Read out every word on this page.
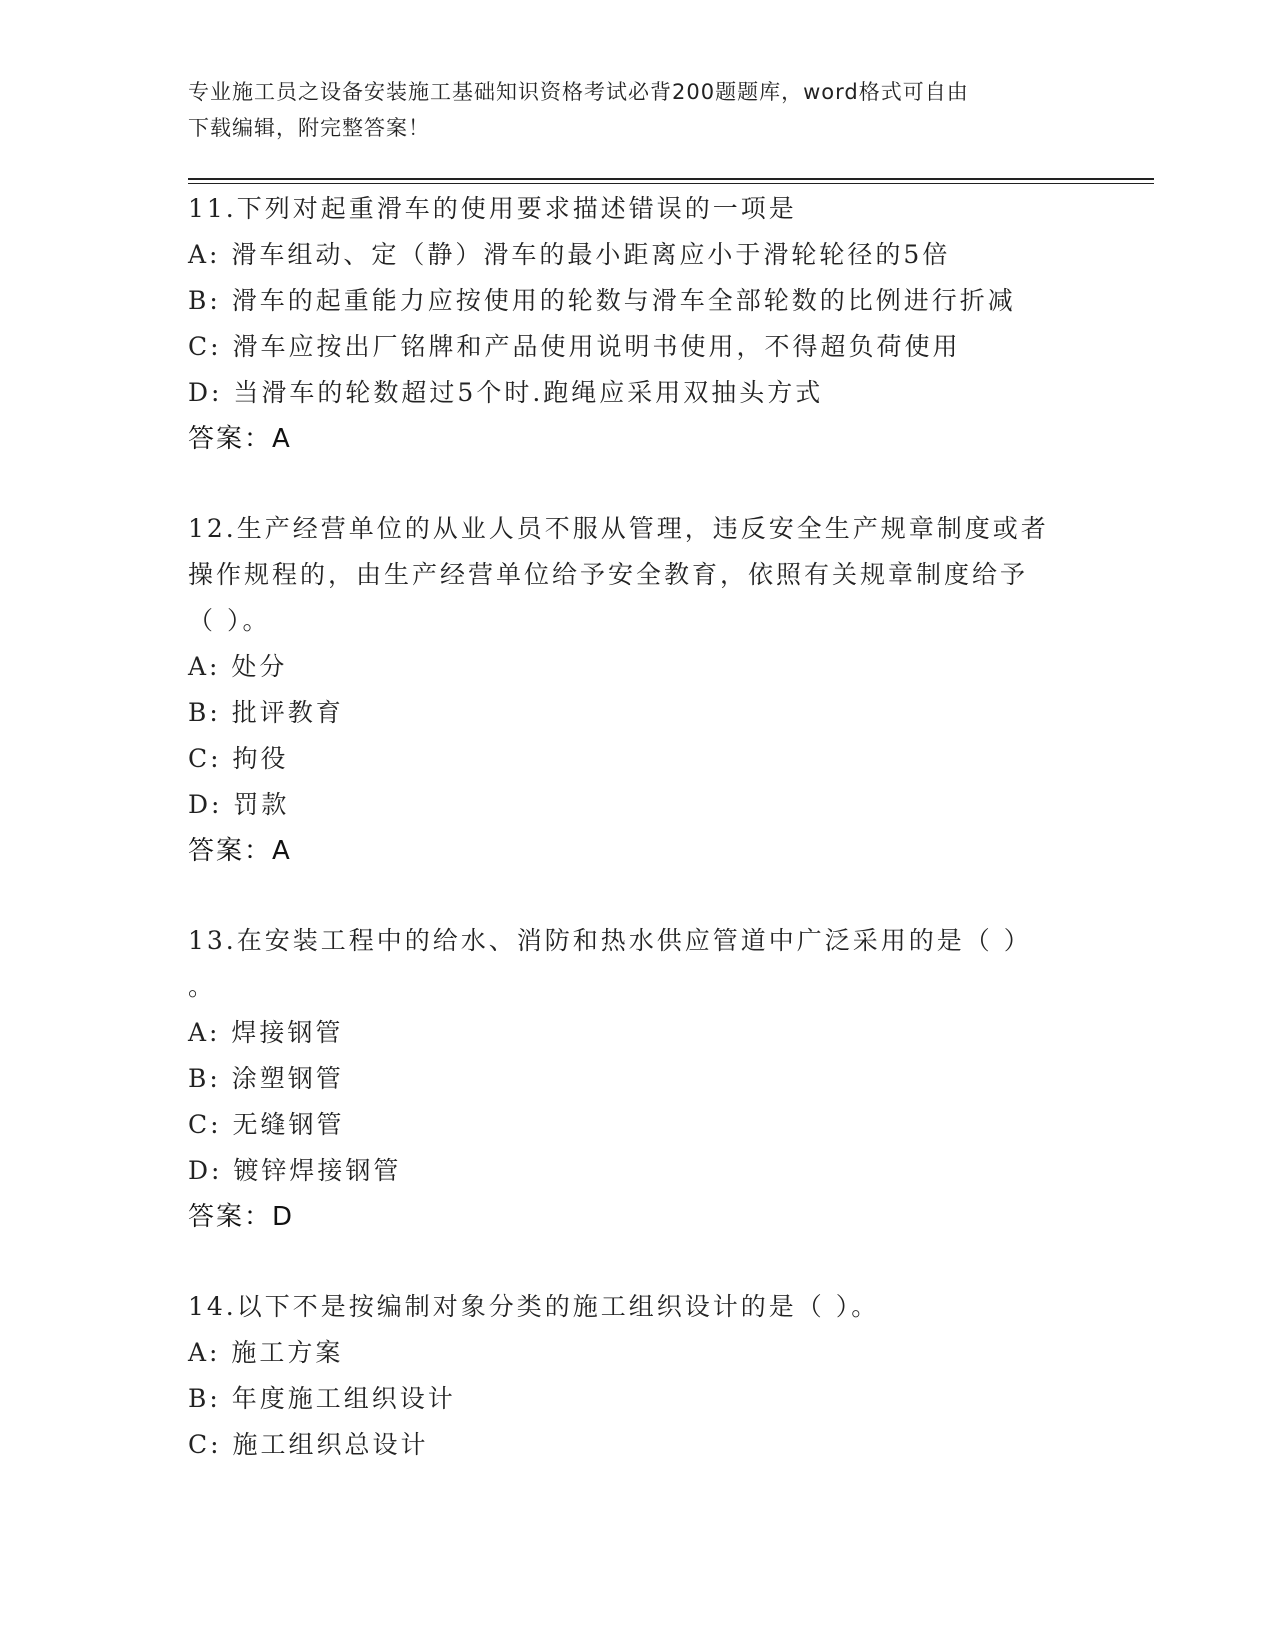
专业施工员之设备安装施工基础知识资格考试必背200题题库，word格式可自由
下载编辑，附完整答案！
11.下列对起重滑车的使用要求描述错误的一项是
A: 滑车组动、定（静）滑车的最小距离应小于滑轮轮径的5倍
B: 滑车的起重能力应按使用的轮数与滑车全部轮数的比例进行折减
C: 滑车应按出厂铭牌和产品使用说明书使用，不得超负荷使用
D: 当滑车的轮数超过5个时.跑绳应采用双抽头方式
答案：A
12.生产经营单位的从业人员不服从管理，违反安全生产规章制度或者
操作规程的，由生产经营单位给予安全教育，依照有关规章制度给予
（ ）。
A: 处分
B: 批评教育
C: 拘役
D: 罚款
答案：A
13.在安装工程中的给水、消防和热水供应管道中广泛采用的是（ ）
。
A: 焊接钢管
B: 涂塑钢管
C: 无缝钢管
D: 镀锌焊接钢管
答案：D
14.以下不是按编制对象分类的施工组织设计的是（ ）。
A: 施工方案
B: 年度施工组织设计
C: 施工组织总设计
